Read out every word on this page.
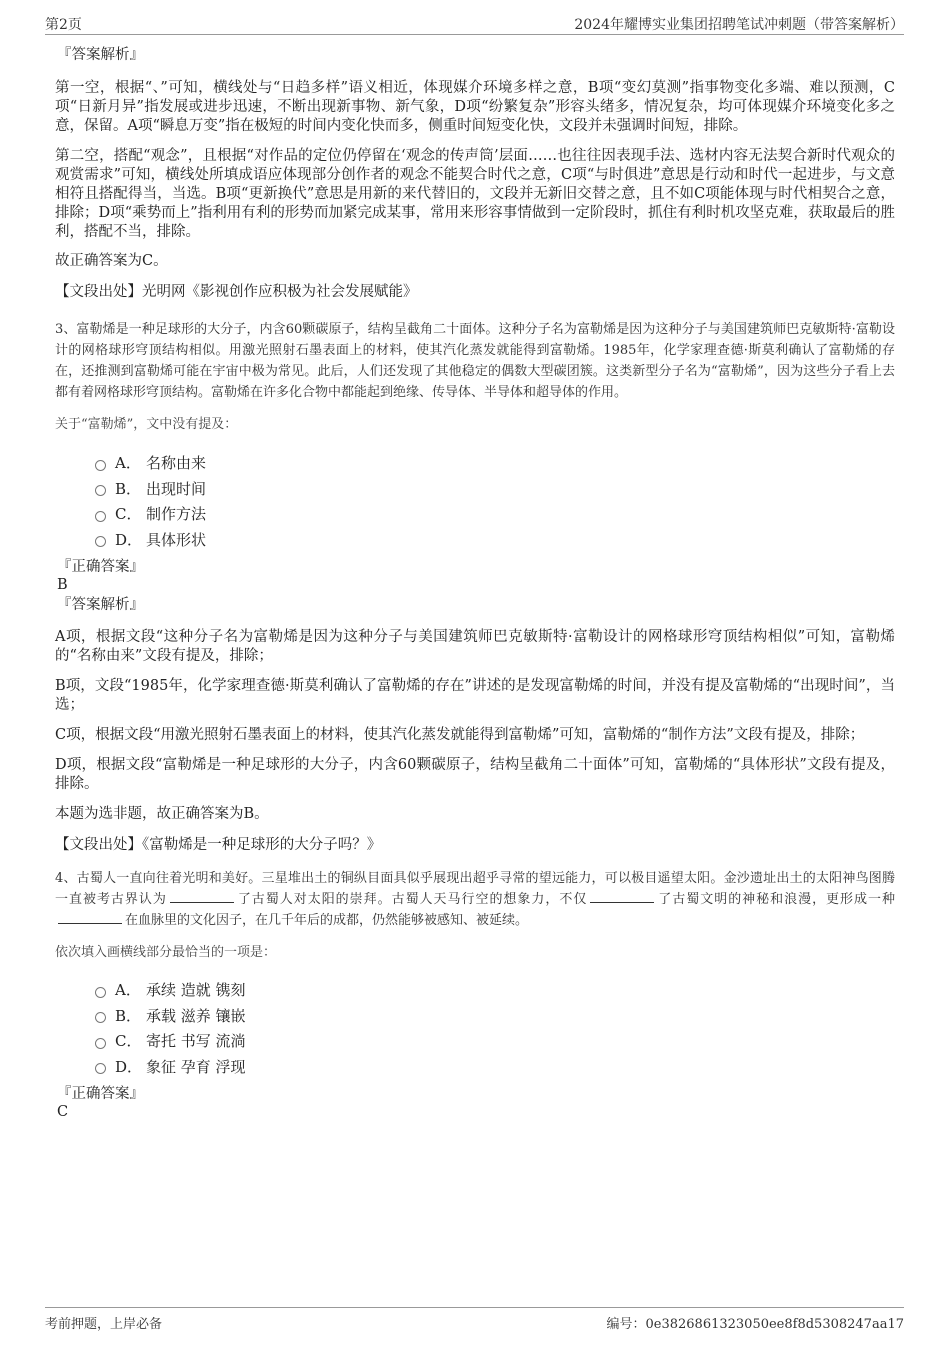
第2页	2024年耀博实业集团招聘笔试冲刺题（带答案解析）
『答案解析』

第一空，根据“、”可知，横线处与“日趋多样”语义相近，体现媒介环境多样之意，B项“变幻莫测”指事物变化多端、难以预测，C项“日新月异”指发展或进步迅速，不断出现新事物、新气象，D项“纷繁复杂”形容头绪多，情况复杂，均可体现媒介环境变化多之意，保留。A项“瞬息万变”指在极短的时间内变化快而多，侧重时间短变化快，文段并未强调时间短，排除。

第二空，搭配“观念”，且根据“对作品的定位仍停留在‘观念的传声筒’层面……也往往因表现手法、选材内容无法契合新时代观众的观赏需求”可知，横线处所填成语应体现部分创作者的观念不能契合时代之意，C项“与时俱进”意思是行动和时代一起进步，与文意相符且搭配得当，当选。B项“更新换代”意思是用新的来代替旧的，文段并无新旧交替之意，且不如C项能体现与时代相契合之意，排除；D项“乘势而上”指利用有利的形势而加紧完成某事，常用来形容事情做到一定阶段时，抓住有利时机攻坚克难，获取最后的胜利，搭配不当，排除。

故正确答案为C。

【文段出处】光明网《影视创作应积极为社会发展赋能》

3、富勒烯是一种足球形的大分子，内含60颗碳原子，结构呈截角二十面体。这种分子名为富勒烯是因为这种分子与美国建筑师巴克敏斯特·富勒设计的网格球形穹顶结构相似。用激光照射石墨表面上的材料，使其汽化蒸发就能得到富勒烯。1985年，化学家理查德·斯莫利确认了富勒烯的存在，还推测到富勒烯可能在宇宙中极为常见。此后，人们还发现了其他稳定的偶数大型碳团簇。这类新型分子名为“富勒烯”，因为这些分子看上去都有着网格球形穹顶结构。富勒烯在许多化合物中都能起到绝缘、传导体、半导体和超导体的作用。

关于“富勒烯”，文中没有提及：
A． 名称由来
B． 出现时间
C． 制作方法
D． 具体形状
『正确答案』
B
『答案解析』

A项，根据文段“这种分子名为富勒烯是因为这种分子与美国建筑师巴克敏斯特·富勒设计的网格球形穹顶结构相似”可知，富勒烯的“名称由来”文段有提及，排除；

B项，文段“1985年，化学家理查德·斯莫利确认了富勒烯的存在”讲述的是发现富勒烯的时间，并没有提及富勒烯的“出现时间”，当选；

C项，根据文段“用激光照射石墨表面上的材料，使其汽化蒸发就能得到富勒烯”可知，富勒烯的“制作方法”文段有提及，排除；

D项，根据文段“富勒烯是一种足球形的大分子，内含60颗碳原子，结构呈截角二十面体”可知，富勒烯的“具体形状”文段有提及，排除。

本题为选非题，故正确答案为B。

【文段出处】《富勒烯是一种足球形的大分子吗？》

4、古蜀人一直向往着光明和美好。三星堆出土的铜纵目面具似乎展现出超乎寻常的望远能力，可以极目遥望太阳。金沙遗址出土的太阳神鸟图腾一直被考古界认为	了古蜀人对太阳的崇拜。古蜀人天马行空的想象力，不仅	了古蜀文明的神秘和浪漫，更形成一种在血脉里的文化因子，在几千年后的成都，仍然能够被感知、被延续。

依次填入画横线部分最恰当的一项是：
A． 承续 造就 镌刻
B． 承载 滋养 镶嵌
C． 寄托 书写 流淌
D． 象征 孕育 浮现
『正确答案』
C
考前押题，上岸必备	编号：0e3826861323050ee8f8d5308247aa17
